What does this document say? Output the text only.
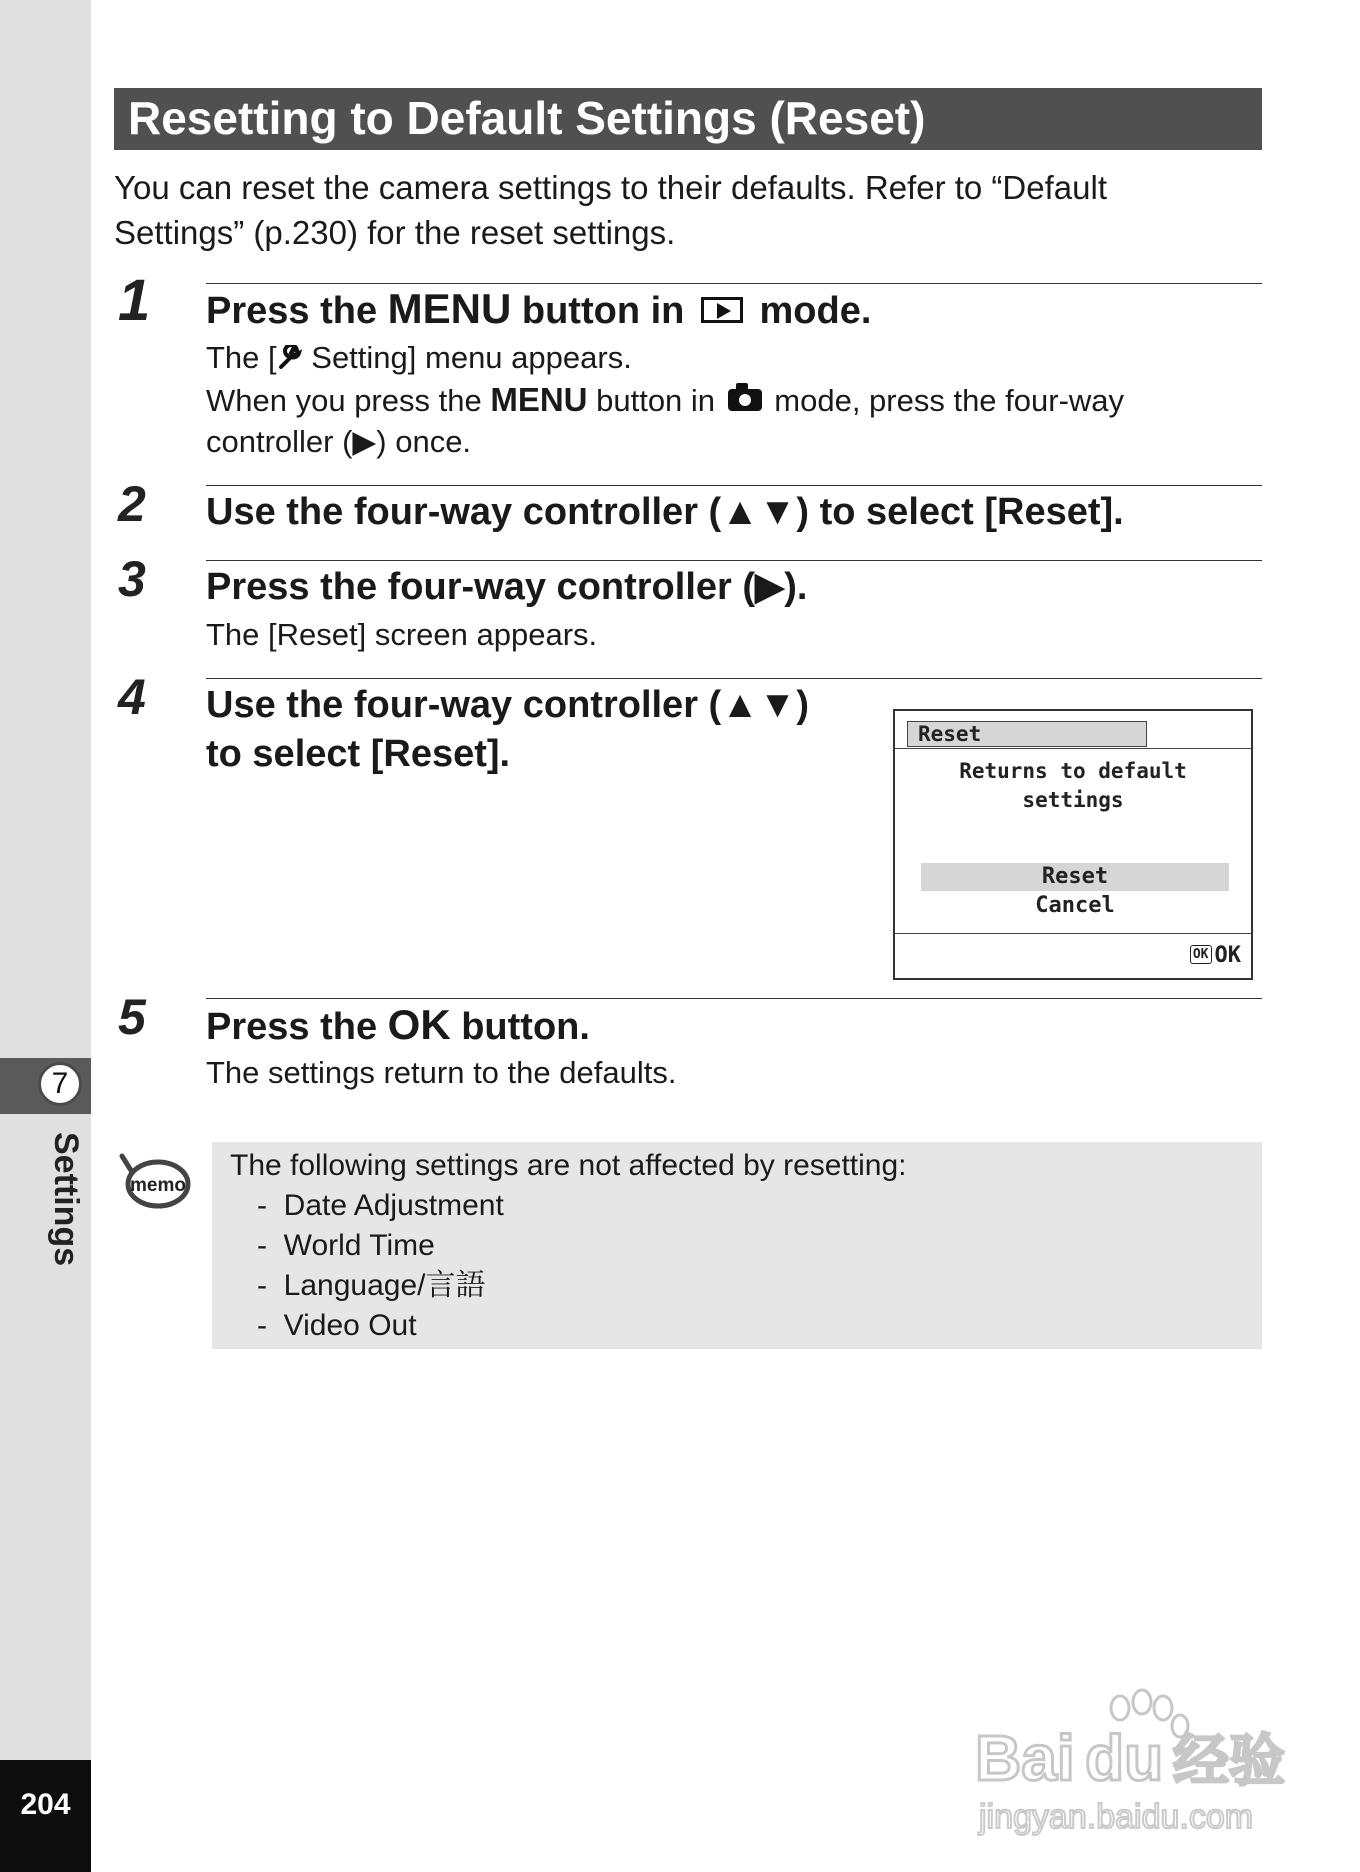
7
Settings
204
Resetting to Default Settings (Reset)

You can reset the camera settings to their defaults. Refer to “Default
Settings” (p.230) for the reset settings.

1 Press the MENU button in  mode.

The [ Setting] menu appears.

When you press the MENU button in  mode, press the four-way

controller (▶) once.

2 Use the four-way controller (▲▼) to select [Reset].

3 Press the four-way controller (▶).

The [Reset] screen appears.

4 Use the four-way controller (▲▼)

to select [Reset].	Reset
Returns to default
settings
Reset
Cancel
OK OK
5 Press the OK button.

The settings return to the defaults.

memo

The following settings are not affected by resetting:

- Date Adjustment
- World Time
- Language/言語
- Video Out
Bai du 经验
jingyan.baidu.com
